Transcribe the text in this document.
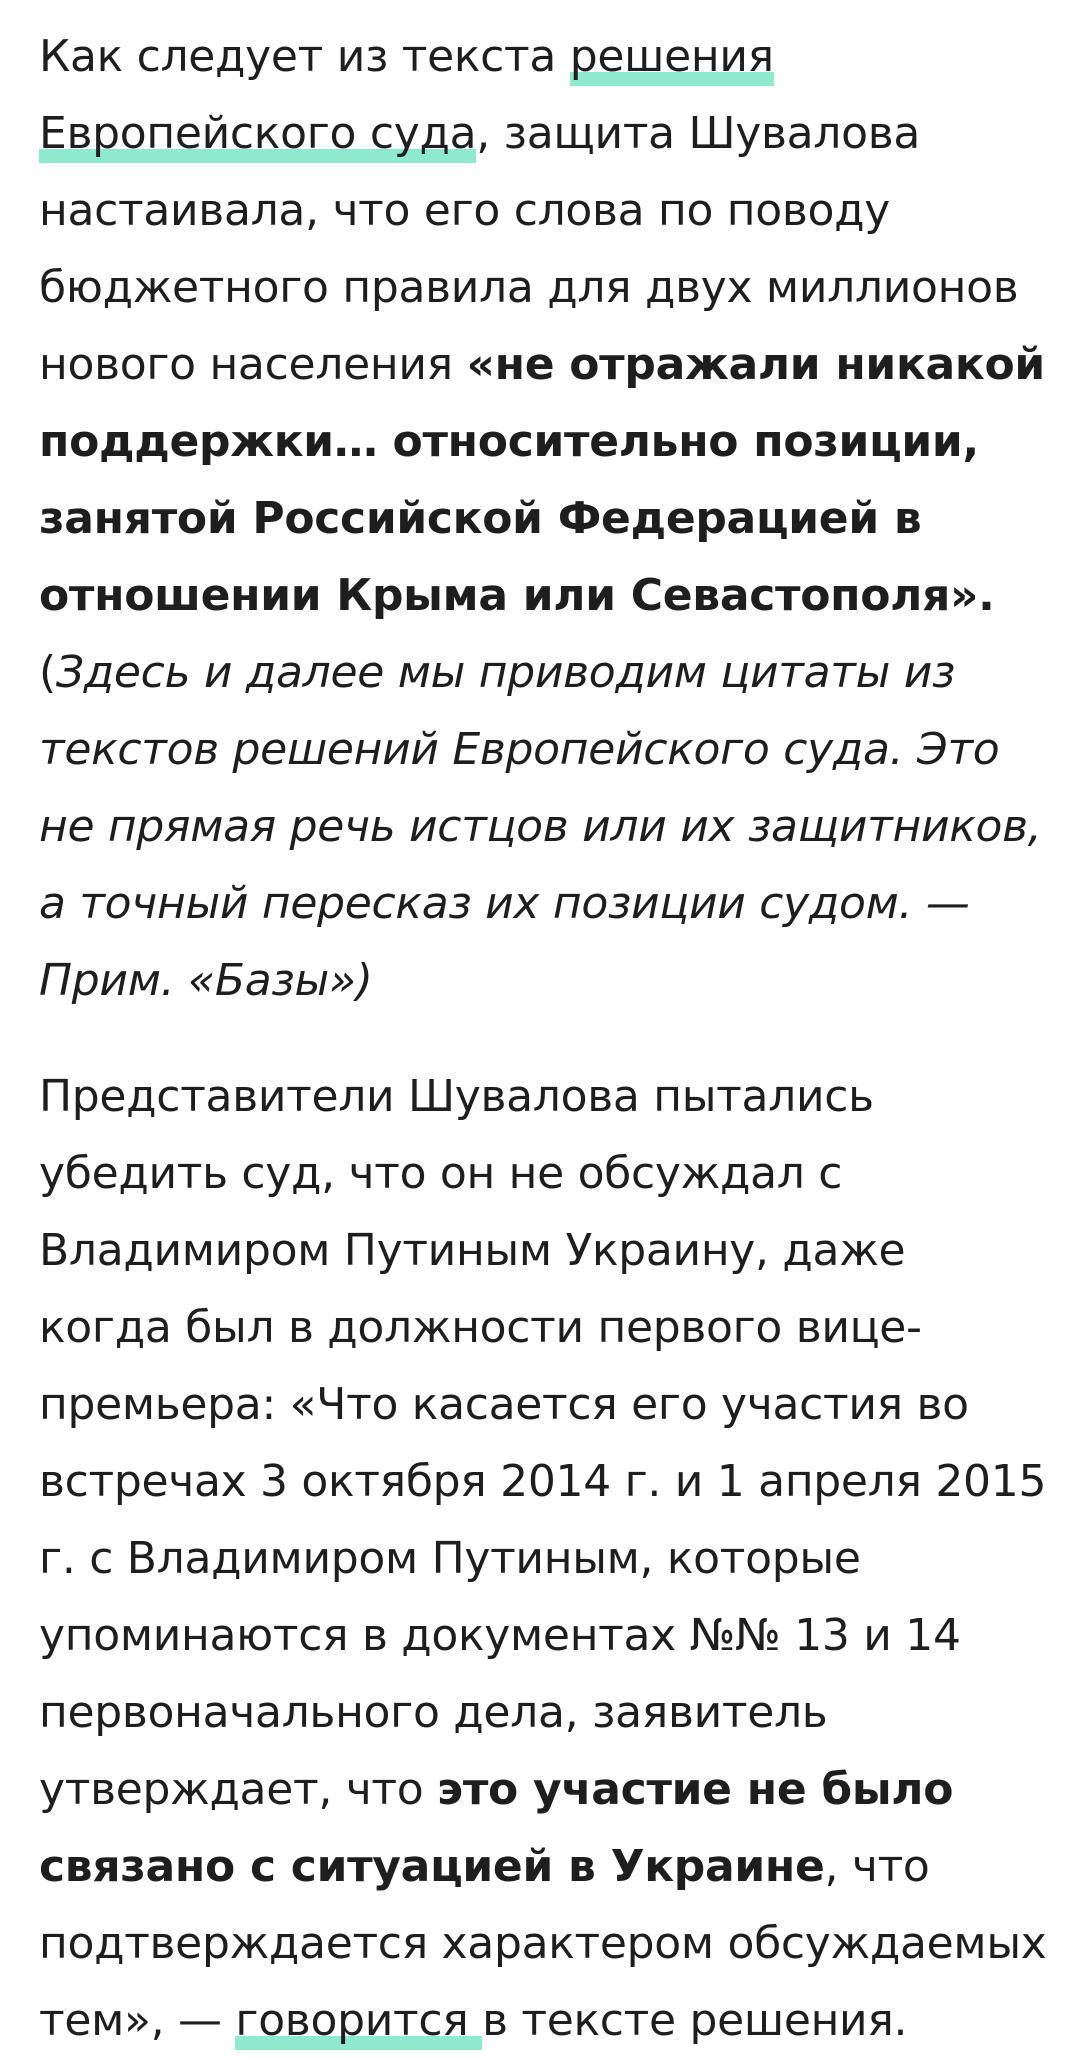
Как следует из текста решения Европейского суда, защита Шувалова настаивала, что его слова по поводу бюджетного правила для двух миллионов нового населения «не отражали никакой поддержки… относительно позиции, занятой Российской Федерацией в отношении Крыма или Севастополя». (Здесь и далее мы приводим цитаты из текстов решений Европейского суда. Это не прямая речь истцов или их защитников, а точный пересказ их позиции судом. — Прим. «Базы»)

Представители Шувалова пытались убедить суд, что он не обсуждал с Владимиром Путиным Украину, даже когда был в должности первого вице-премьера: «Что касается его участия во встречах 3 октября 2014 г. и 1 апреля 2015 г. с Владимиром Путиным, которые упоминаются в документах №№ 13 и 14 первоначального дела, заявитель утверждает, что это участие не было связано с ситуацией в Украине, что подтверждается характером обсуждаемых тем», — говорится в тексте решения.
